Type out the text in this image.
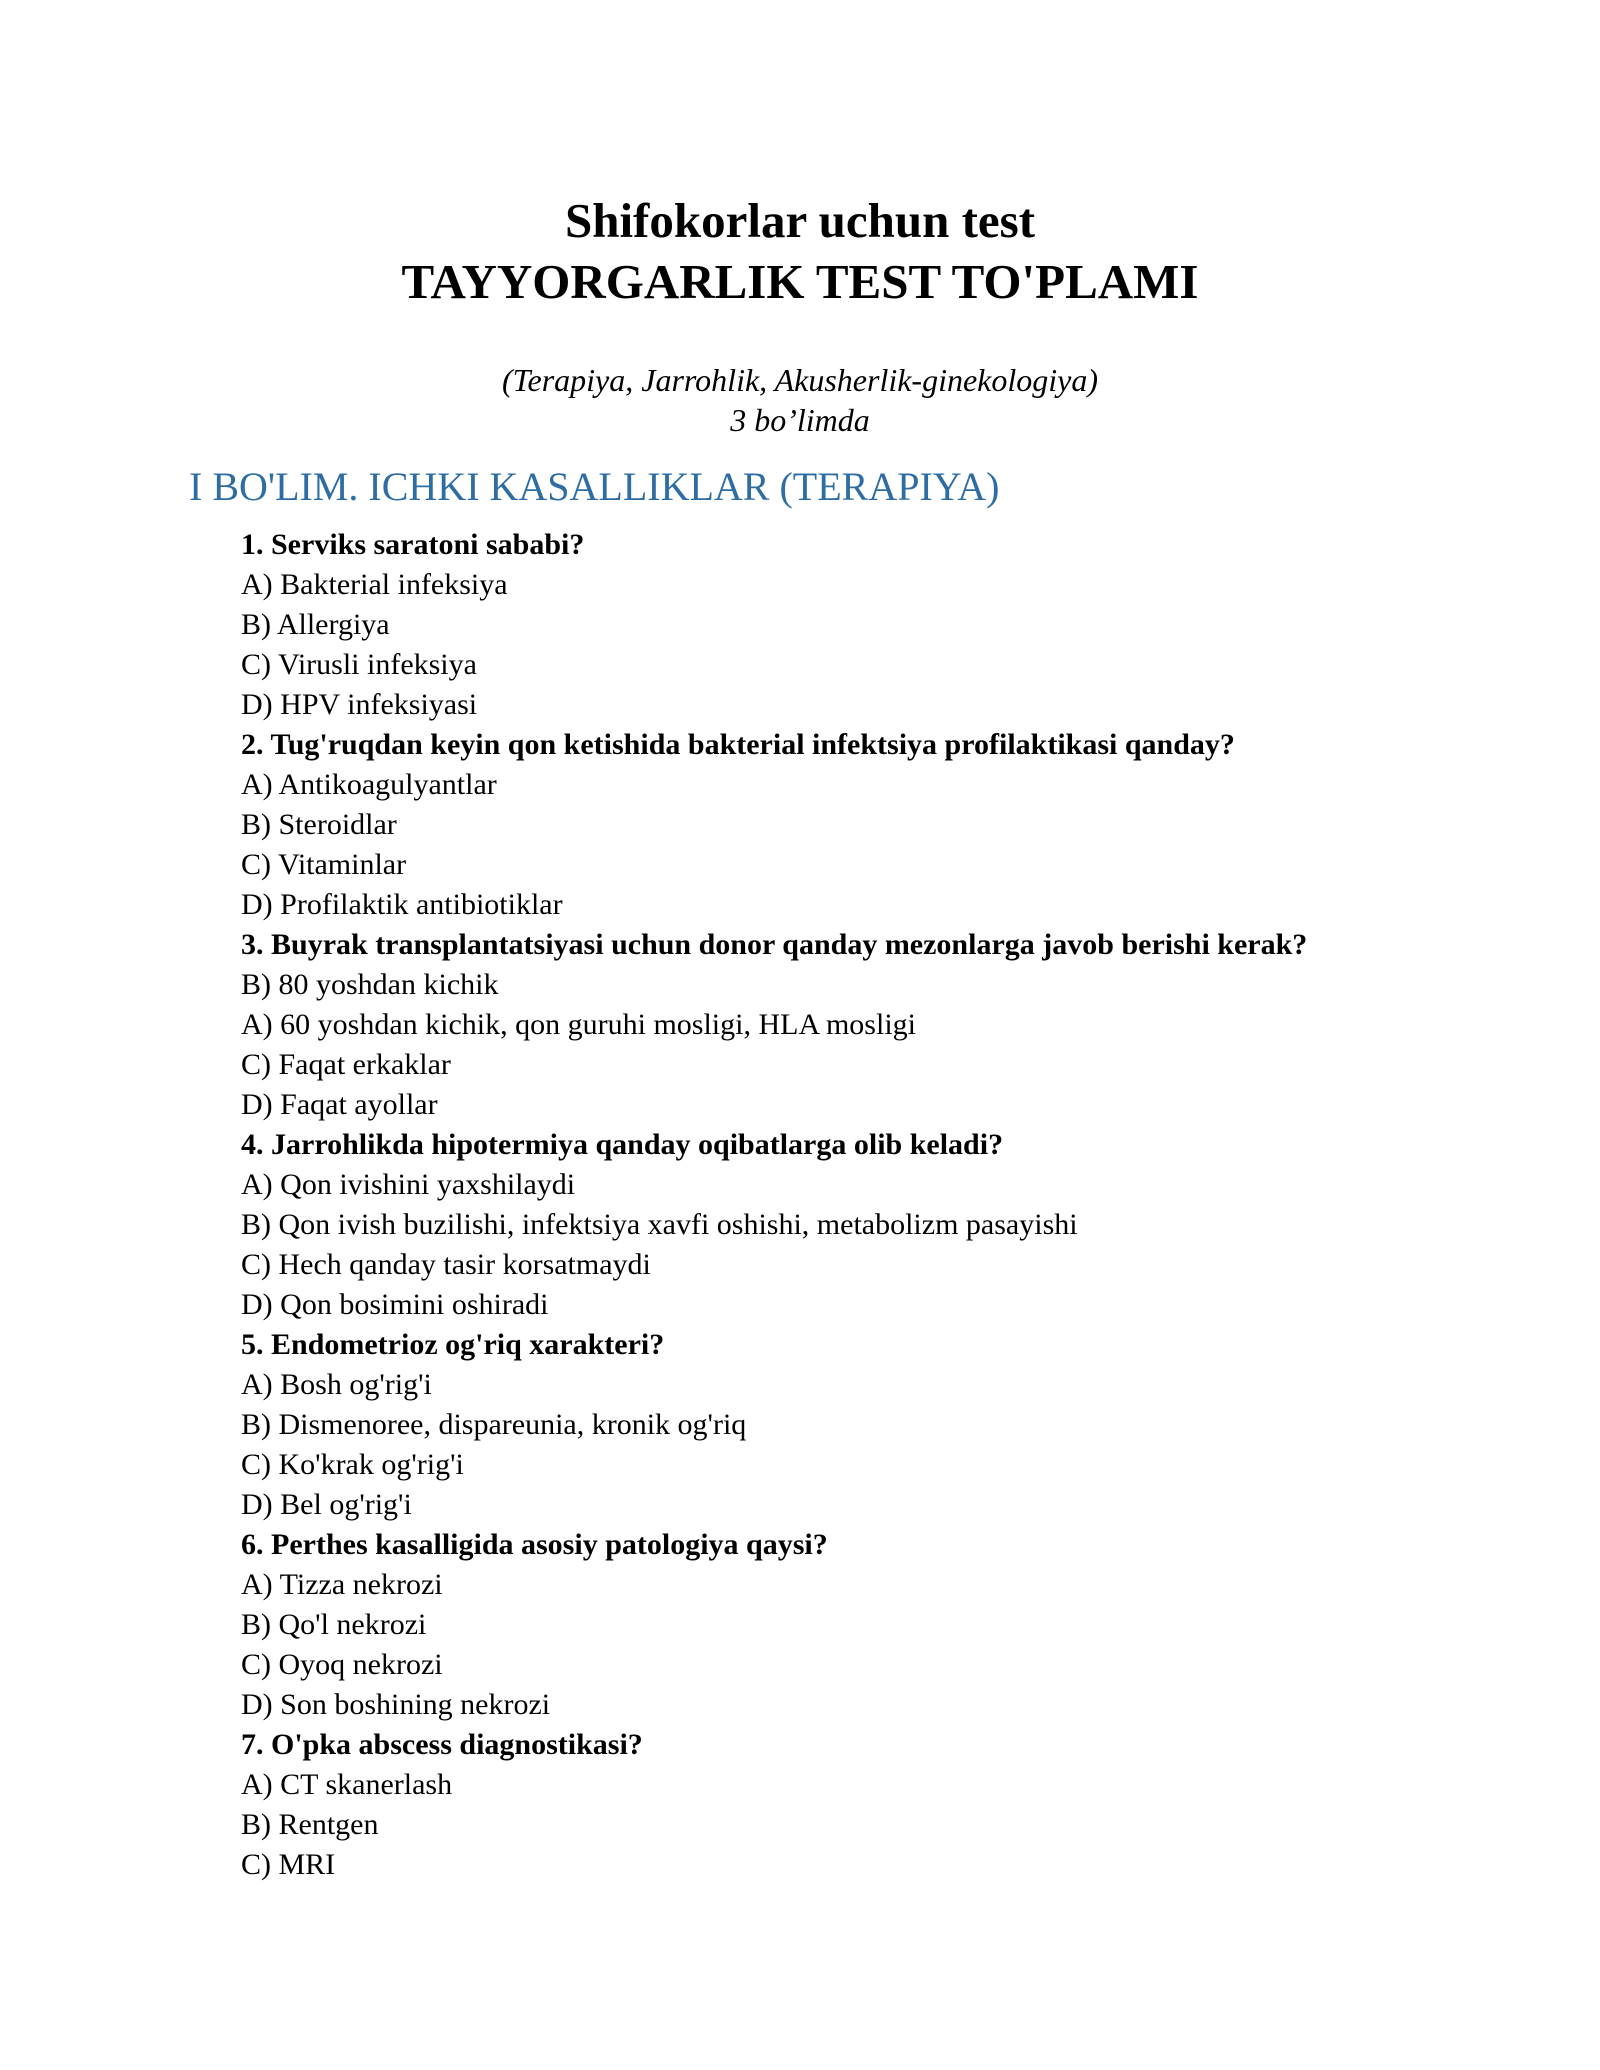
Shifokorlar uchun test

TAYYORGARLIK TEST TO'PLAMI

(Terapiya, Jarrohlik, Akusherlik-ginekologiya)
3 bo’limda
I BO'LIM. ICHKI KASALLIKLAR (TERAPIYA)
1. Serviks saratoni sababi?
A) Bakterial infeksiya
B) Allergiya
C) Virusli infeksiya
D) HPV infeksiyasi
2. Tug'ruqdan keyin qon ketishida bakterial infektsiya profilaktikasi qanday?
A) Antikoagulyantlar
B) Steroidlar
C) Vitaminlar
D) Profilaktik antibiotiklar
3. Buyrak transplantatsiyasi uchun donor qanday mezonlarga javob berishi kerak?
B) 80 yoshdan kichik
A) 60 yoshdan kichik, qon guruhi mosligi, HLA mosligi
C) Faqat erkaklar
D) Faqat ayollar
4. Jarrohlikda hipotermiya qanday oqibatlarga olib keladi?
A) Qon ivishini yaxshilaydi
B) Qon ivish buzilishi, infektsiya xavfi oshishi, metabolizm pasayishi
C) Hech qanday tasir korsatmaydi
D) Qon bosimini oshiradi
5. Endometrioz og'riq xarakteri?
A) Bosh og'rig'i
B) Dismenoree, dispareunia, kronik og'riq
C) Ko'krak og'rig'i
D) Bel og'rig'i
6. Perthes kasalligida asosiy patologiya qaysi?
A) Tizza nekrozi
B) Qo'l nekrozi
C) Oyoq nekrozi
D) Son boshining nekrozi
7. O'pka abscess diagnostikasi?
A) CT skanerlash
B) Rentgen
C) MRI
